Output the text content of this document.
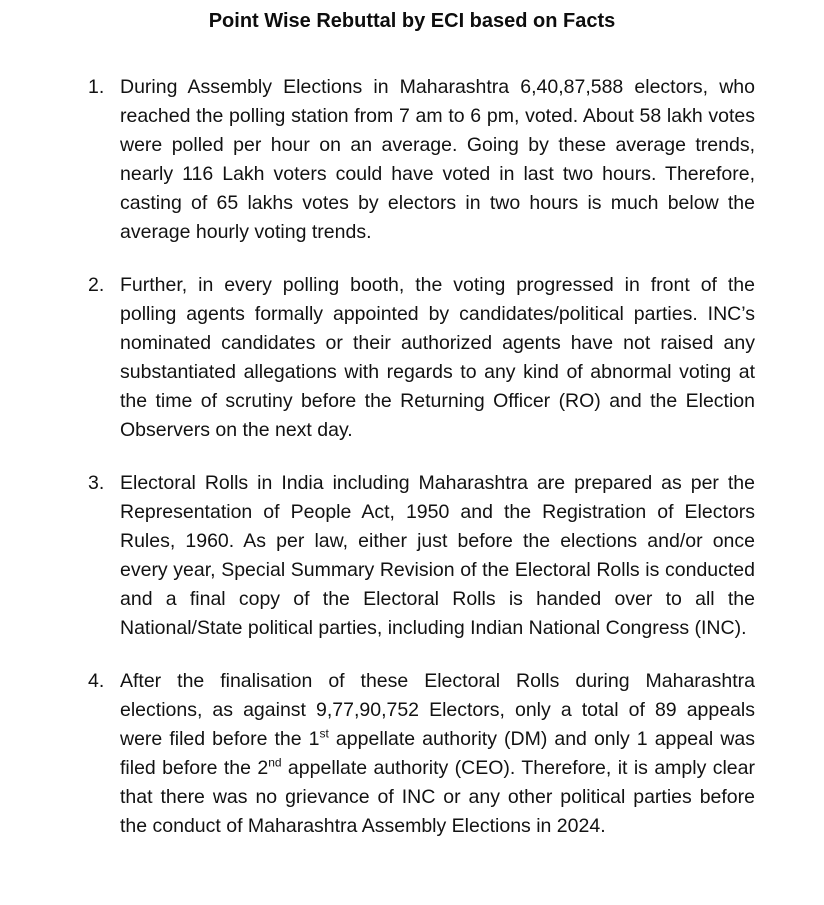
Point Wise Rebuttal by ECI based on Facts
1. During Assembly Elections in Maharashtra 6,40,87,588 electors, who reached the polling station from 7 am to 6 pm, voted. About 58 lakh votes were polled per hour on an average. Going by these average trends, nearly 116 Lakh voters could have voted in last two hours. Therefore, casting of 65 lakhs votes by electors in two hours is much below the average hourly voting trends.

2. Further, in every polling booth, the voting progressed in front of the polling agents formally appointed by candidates/political parties. INC’s nominated candidates or their authorized agents have not raised any substantiated allegations with regards to any kind of abnormal voting at the time of scrutiny before the Returning Officer (RO) and the Election Observers on the next day.

3. Electoral Rolls in India including Maharashtra are prepared as per the Representation of People Act, 1950 and the Registration of Electors Rules, 1960. As per law, either just before the elections and/or once every year, Special Summary Revision of the Electoral Rolls is conducted and a final copy of the Electoral Rolls is handed over to all the National/State political parties, including Indian National Congress (INC).

4. After the finalisation of these Electoral Rolls during Maharashtra elections, as against 9,77,90,752 Electors, only a total of 89 appeals were filed before the 1st appellate authority (DM) and only 1 appeal was filed before the 2nd appellate authority (CEO). Therefore, it is amply clear that there was no grievance of INC or any other political parties before the conduct of Maharashtra Assembly Elections in 2024.
